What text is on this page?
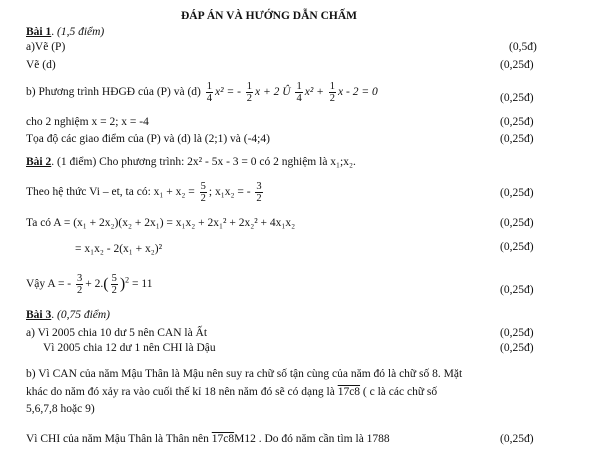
ĐÁP ÁN VÀ HƯỚNG DẪN CHẤM
Bài 1. (1,5 điểm)
a)Vẽ (P)	(0,5đ)
Vẽ (d)	(0,25đ)
b) Phương trình HĐGĐ của (P) và $(d) \frac{1}{4} x^2$ = - $\frac{1}{2}$ x + 2 Û $\frac{1}{4} x^2 + \frac{1}{2}$ x - 2 = 0	(0,25đ)
cho 2 nghiệm x = 2; x = -4	(0,25đ)
Tọa độ các giao điểm của (P) và (d) là (2;1) và (-4;4)	(0,25đ)
Bài 2. (1 điểm) Cho phương trình: 2x² - 5x - 3 = 0 có 2 nghiệm là x₁;x₂.
Theo hệ thức Vi – et, ta có: $x_1 + x_2 = \frac{5}{2}$ ; x₁x₂ = - $\frac{3}{2}$	(0,25đ)
Ta có A = (x₁ + 2x₂)(x₂ + 2x₁) = x₁x₂ + 2x₁² + 2x₂² + 4x₁x₂	(0,25đ)
= x₁x₂ - 2(x₁ + x₂)²	(0,25đ)
Vậy A = - $\frac{3}{2} + 2.( \frac{5}{2} )^2 = 11$	(0,25đ)
Bài 3. (0,75 điểm)
a) Vì 2005 chia 10 dư 5 nên CAN là Ất	(0,25đ)
Vì 2005 chia 12 dư 1 nên CHI là Dậu	(0,25đ)
b) Vì CAN của năm Mậu Thân là Mậu nên suy ra chữ số tận cùng của năm đó là chữ số 8. Mặt
khác do năm đó xảy ra vào cuối thế kỉ 18 nên năm đó sẽ có dạng là 17c8 ( c là các chữ số
5,6,7,8 hoặc 9)
Vì CHI của năm Mậu Thân là Thân nên 17c8M12 . Do đó năm cần tìm là 1788	(0,25đ)
